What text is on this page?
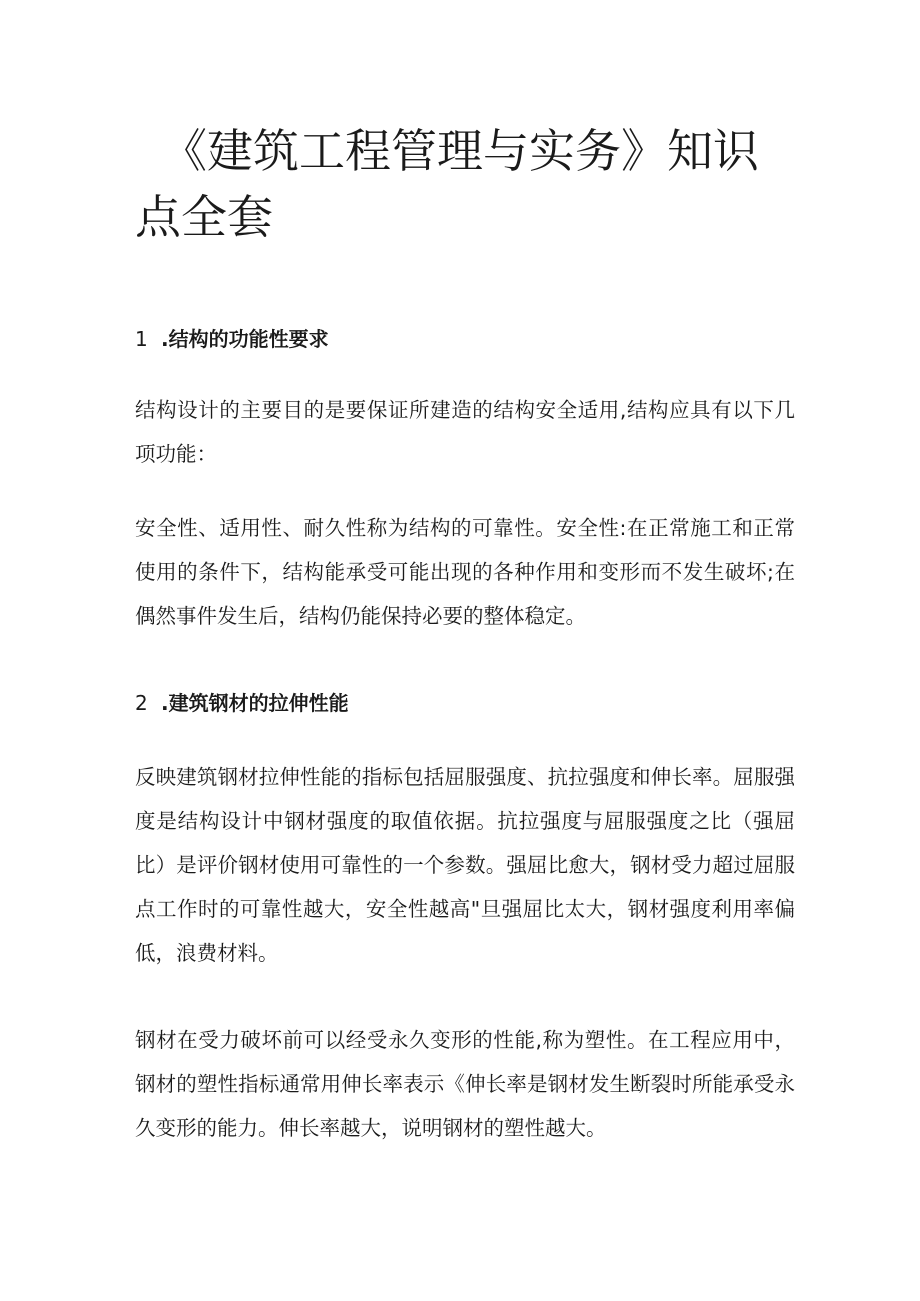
《建筑工程管理与实务》知识点全套
1 .结构的功能性要求

结构设计的主要目的是要保证所建造的结构安全适用,结构应具有以下几项功能：

安全性、适用性、耐久性称为结构的可靠性。安全性:在正常施工和正常使用的条件下，结构能承受可能出现的各种作用和变形而不发生破坏;在偶然事件发生后，结构仍能保持必要的整体稳定。

2 .建筑钢材的拉伸性能

反映建筑钢材拉伸性能的指标包括屈服强度、抗拉强度和伸长率。屈服强度是结构设计中钢材强度的取值依据。抗拉强度与屈服强度之比（强屈比）是评价钢材使用可靠性的一个参数。强屈比愈大，钢材受力超过屈服点工作时的可靠性越大，安全性越高"旦强屈比太大，钢材强度利用率偏低，浪费材料。

钢材在受力破坏前可以经受永久变形的性能,称为塑性。在工程应用中，钢材的塑性指标通常用伸长率表示《伸长率是钢材发生断裂时所能承受永久变形的能力。伸长率越大，说明钢材的塑性越大。
